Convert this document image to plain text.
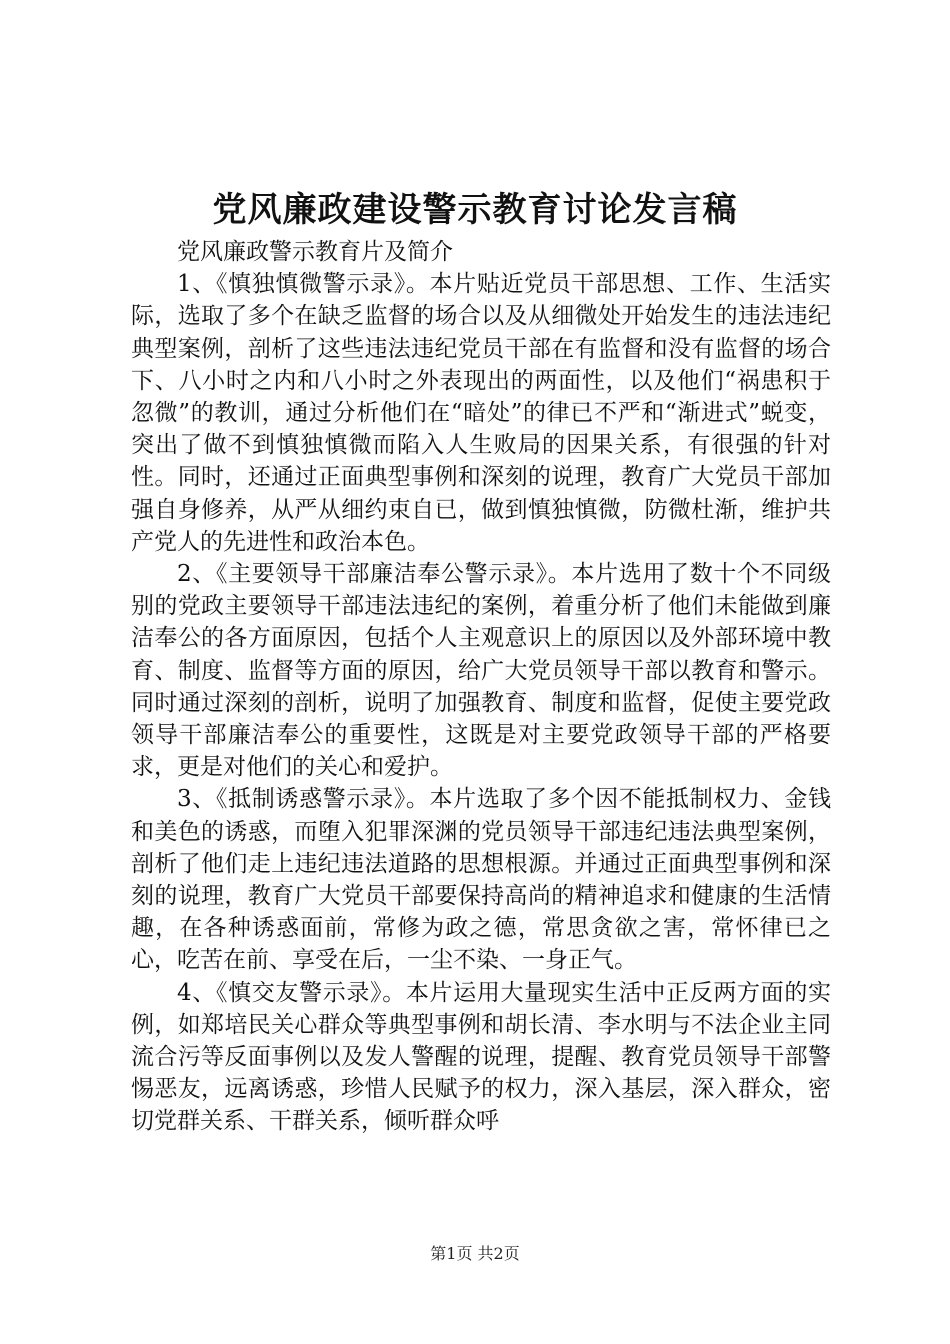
党风廉政建设警示教育讨论发言稿

党风廉政警示教育片及简介

1、《慎独慎微警示录》。本片贴近党员干部思想、工作、生活实际，选取了多个在缺乏监督的场合以及从细微处开始发生的违法违纪典型案例，剖析了这些违法违纪党员干部在有监督和没有监督的场合下、八小时之内和八小时之外表现出的两面性，以及他们“祸患积于忽微”的教训，通过分析他们在“暗处”的律已不严和“渐进式”蜕变，突出了做不到慎独慎微而陷入人生败局的因果关系，有很强的针对性。同时，还通过正面典型事例和深刻的说理，教育广大党员干部加强自身修养，从严从细约束自已，做到慎独慎微，防微杜渐，维护共产党人的先进性和政治本色。

2、《主要领导干部廉洁奉公警示录》。本片选用了数十个不同级别的党政主要领导干部违法违纪的案例，着重分析了他们未能做到廉洁奉公的各方面原因，包括个人主观意识上的原因以及外部环境中教育、制度、监督等方面的原因，给广大党员领导干部以教育和警示。同时通过深刻的剖析，说明了加强教育、制度和监督，促使主要党政领导干部廉洁奉公的重要性，这既是对主要党政领导干部的严格要求，更是对他们的关心和爱护。

3、《抵制诱惑警示录》。本片选取了多个因不能抵制权力、金钱和美色的诱惑，而堕入犯罪深渊的党员领导干部违纪违法典型案例，剖析了他们走上违纪违法道路的思想根源。并通过正面典型事例和深刻的说理，教育广大党员干部要保持高尚的精神追求和健康的生活情趣，在各种诱惑面前，常修为政之德，常思贪欲之害，常怀律已之心，吃苦在前、享受在后，一尘不染、一身正气。

4、《慎交友警示录》。本片运用大量现实生活中正反两方面的实例，如郑培民关心群众等典型事例和胡长清、李水明与不法企业主同流合污等反面事例以及发人警醒的说理，提醒、教育党员领导干部警惕恶友，远离诱惑，珍惜人民赋予的权力，深入基层，深入群众，密切党群关系、干群关系，倾听群众呼

第1页 共2页
